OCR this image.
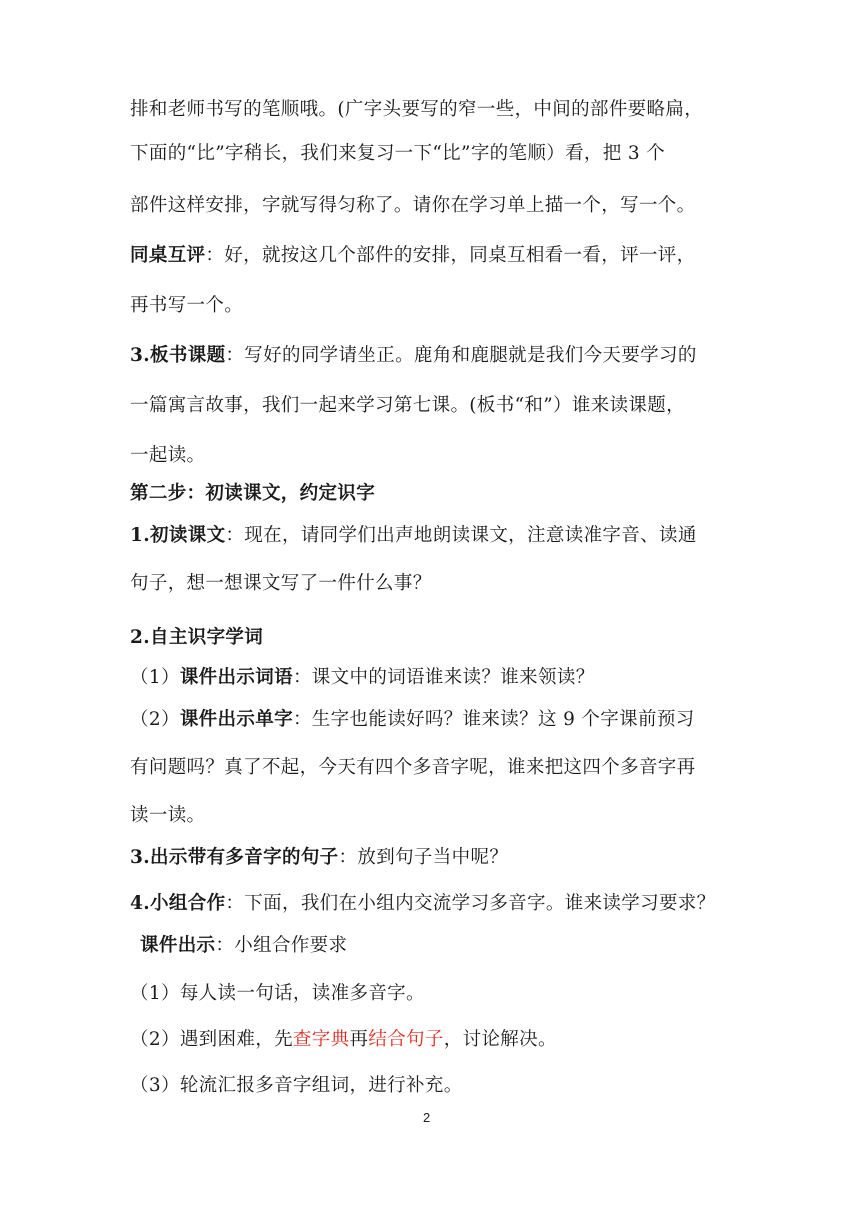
排和老师书写的笔顺哦。(广字头要写的窄一些，中间的部件要略扁，
下面的“比”字稍长，我们来复习一下“比”字的笔顺）看，把 3 个
部件这样安排，字就写得匀称了。请你在学习单上描一个，写一个。
同桌互评：好，就按这几个部件的安排，同桌互相看一看，评一评，
再书写一个。
3.板书课题：写好的同学请坐正。鹿角和鹿腿就是我们今天要学习的
一篇寓言故事，我们一起来学习第七课。(板书“和”）谁来读课题，
一起读。
第二步：初读课文，约定识字
1.初读课文：现在，请同学们出声地朗读课文，注意读准字音、读通
句子，想一想课文写了一件什么事？
2.自主识字学词
（1）课件出示词语：课文中的词语谁来读？谁来领读？
（2）课件出示单字：生字也能读好吗？谁来读？这 9 个字课前预习
有问题吗？真了不起，今天有四个多音字呢，谁来把这四个多音字再
读一读。
3.出示带有多音字的句子：放到句子当中呢？
4.小组合作：下面，我们在小组内交流学习多音字。谁来读学习要求？
课件出示：小组合作要求
（1）每人读一句话，读准多音字。
（2）遇到困难，先查字典再结合句子，讨论解决。
（3）轮流汇报多音字组词，进行补充。
2
